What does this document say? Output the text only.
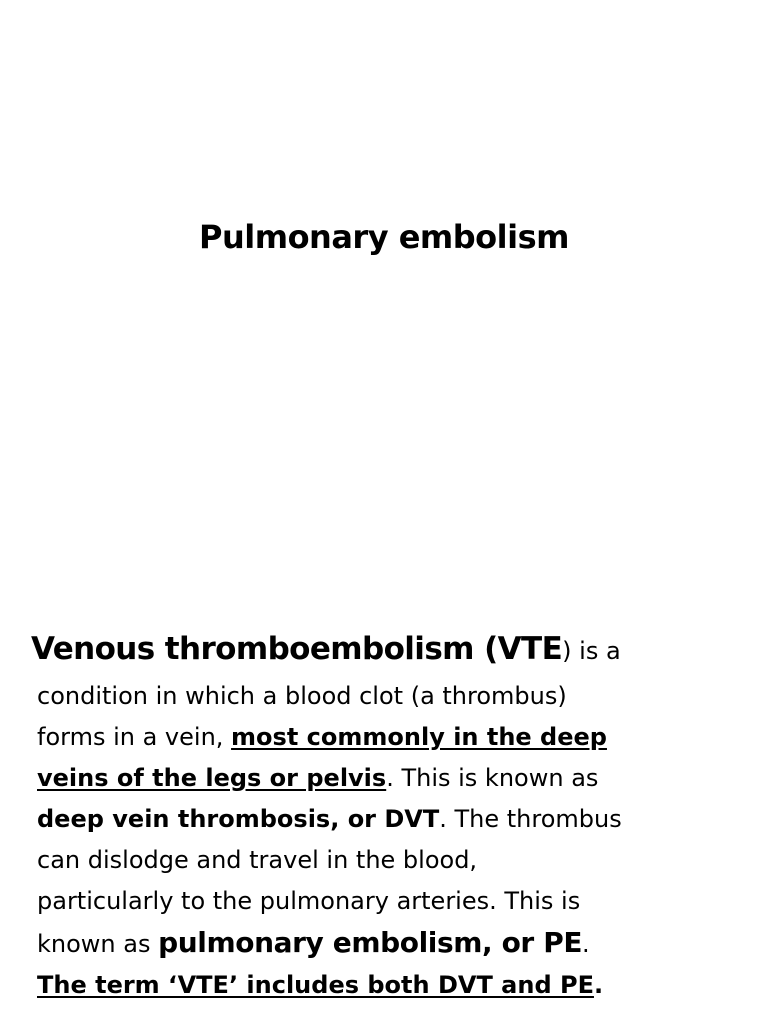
Pulmonary embolism

Venous thromboembolism (VTE) is a
condition in which a blood clot (a thrombus)
forms in a vein, most commonly in the deep
veins of the legs or pelvis. This is known as
deep vein thrombosis, or DVT. The thrombus
can dislodge and travel in the blood,
particularly to the pulmonary arteries. This is
known as pulmonary embolism, or PE.
The term ‘VTE’ includes both DVT and PE.
